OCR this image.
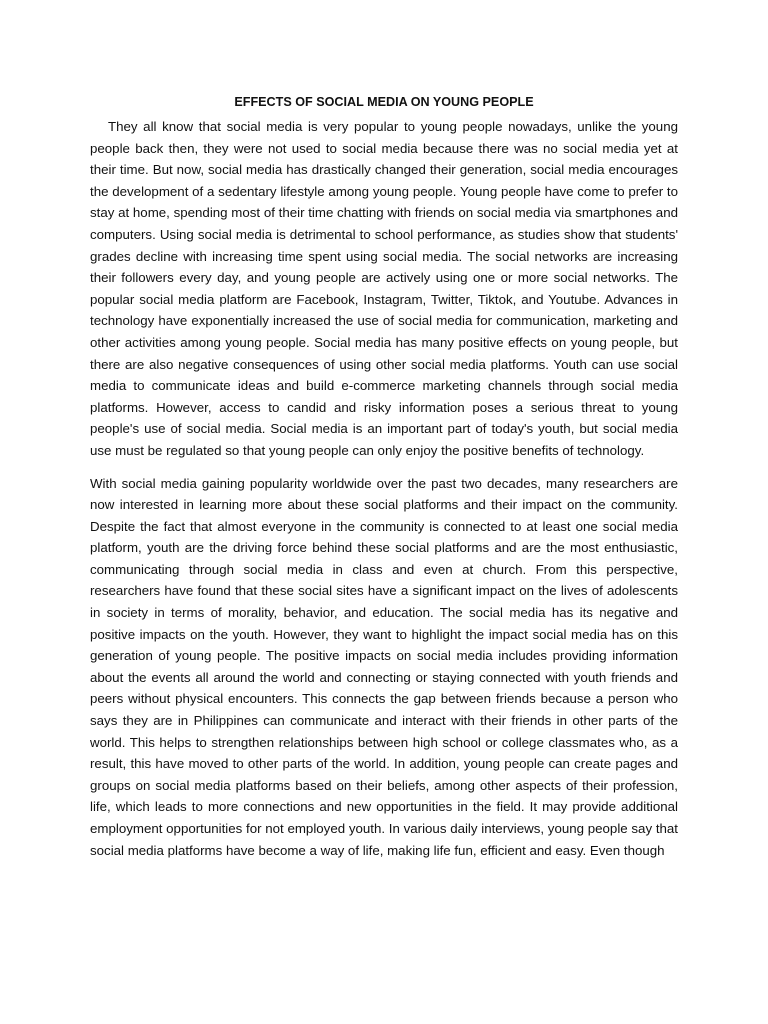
EFFECTS OF SOCIAL MEDIA ON YOUNG PEOPLE

They all know that social media is very popular to young people nowadays, unlike the young people back then, they were not used to social media because there was no social media yet at their time. But now, social media has drastically changed their generation, social media encourages the development of a sedentary lifestyle among young people. Young people have come to prefer to stay at home, spending most of their time chatting with friends on social media via smartphones and computers. Using social media is detrimental to school performance, as studies show that students' grades decline with increasing time spent using social media. The social networks are increasing their followers every day, and young people are actively using one or more social networks. The popular social media platform are Facebook, Instagram, Twitter, Tiktok, and Youtube. Advances in technology have exponentially increased the use of social media for communication, marketing and other activities among young people. Social media has many positive effects on young people, but there are also negative consequences of using other social media platforms. Youth can use social media to communicate ideas and build e-commerce marketing channels through social media platforms. However, access to candid and risky information poses a serious threat to young people's use of social media. Social media is an important part of today's youth, but social media use must be regulated so that young people can only enjoy the positive benefits of technology.

With social media gaining popularity worldwide over the past two decades, many researchers are now interested in learning more about these social platforms and their impact on the community. Despite the fact that almost everyone in the community is connected to at least one social media platform, youth are the driving force behind these social platforms and are the most enthusiastic, communicating through social media in class and even at church. From this perspective, researchers have found that these social sites have a significant impact on the lives of adolescents in society in terms of morality, behavior, and education. The social media has its negative and positive impacts on the youth. However, they want to highlight the impact social media has on this generation of young people. The positive impacts on social media includes providing information about the events all around the world and connecting or staying connected with youth friends and peers without physical encounters. This connects the gap between friends because a person who says they are in Philippines can communicate and interact with their friends in other parts of the world. This helps to strengthen relationships between high school or college classmates who, as a result, this have moved to other parts of the world. In addition, young people can create pages and groups on social media platforms based on their beliefs, among other aspects of their profession, life, which leads to more connections and new opportunities in the field. It may provide additional employment opportunities for not employed youth. In various daily interviews, young people say that social media platforms have become a way of life, making life fun, efficient and easy. Even though
